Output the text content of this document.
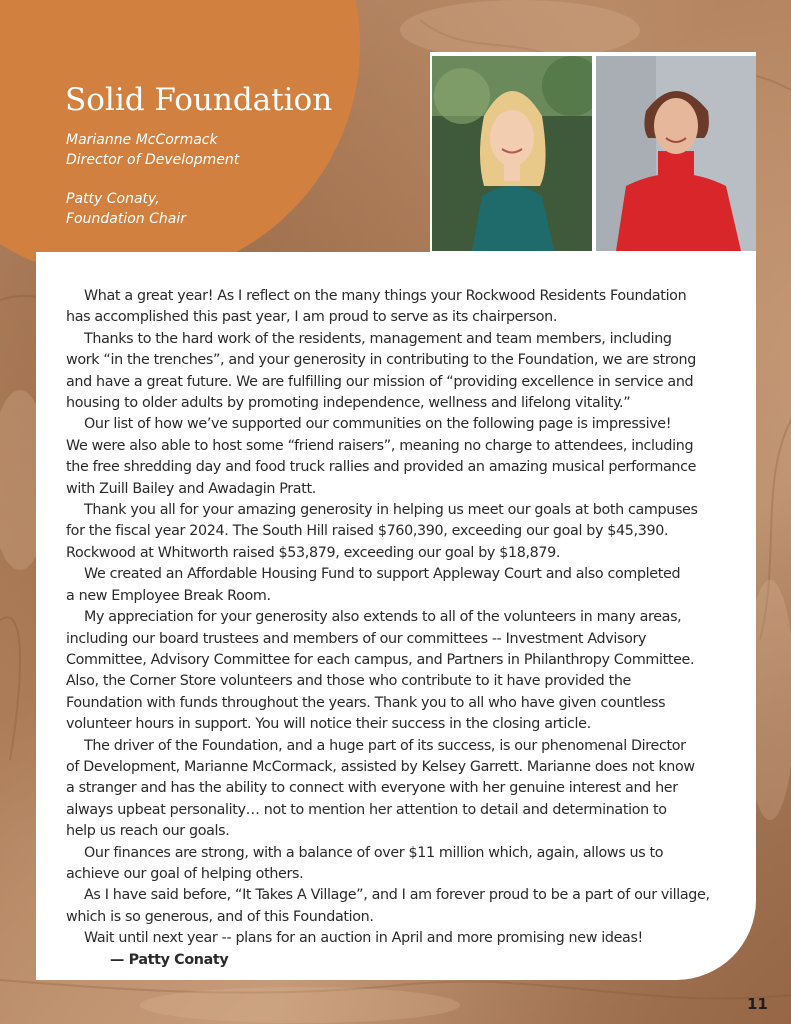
Solid Foundation
Marianne McCormack
Director of Development
Patty Conaty,
Foundation Chair

What a great year! As I reflect on the many things your Rockwood Residents Foundation
has accomplished this past year, I am proud to serve as its chairperson.

Thanks to the hard work of the residents, management and team members, including
work “in the trenches”, and your generosity in contributing to the Foundation, we are strong
and have a great future. We are fulfilling our mission of “providing excellence in service and
housing to older adults by promoting independence, wellness and lifelong vitality.”

Our list of how we’ve supported our communities on the following page is impressive!
We were also able to host some “friend raisers”, meaning no charge to attendees, including
the free shredding day and food truck rallies and provided an amazing musical performance
with Zuill Bailey and Awadagin Pratt.

Thank you all for your amazing generosity in helping us meet our goals at both campuses
for the fiscal year 2024. The South Hill raised $760,390, exceeding our goal by $45,390.
Rockwood at Whitworth raised $53,879, exceeding our goal by $18,879.

We created an Affordable Housing Fund to support Appleway Court and also completed
a new Employee Break Room.

My appreciation for your generosity also extends to all of the volunteers in many areas,
including our board trustees and members of our committees -- Investment Advisory
Committee, Advisory Committee for each campus, and Partners in Philanthropy Committee.
Also, the Corner Store volunteers and those who contribute to it have provided the
Foundation with funds throughout the years. Thank you to all who have given countless
volunteer hours in support. You will notice their success in the closing article.

The driver of the Foundation, and a huge part of its success, is our phenomenal Director
of Development, Marianne McCormack, assisted by Kelsey Garrett. Marianne does not know
a stranger and has the ability to connect with everyone with her genuine interest and her
always upbeat personality… not to mention her attention to detail and determination to
help us reach our goals.

Our finances are strong, with a balance of over $11 million which, again, allows us to
achieve our goal of helping others.

As I have said before, “It Takes A Village”, and I am forever proud to be a part of our village,
which is so generous, and of this Foundation.

Wait until next year -- plans for an auction in April and more promising new ideas!

— Patty Conaty

11
